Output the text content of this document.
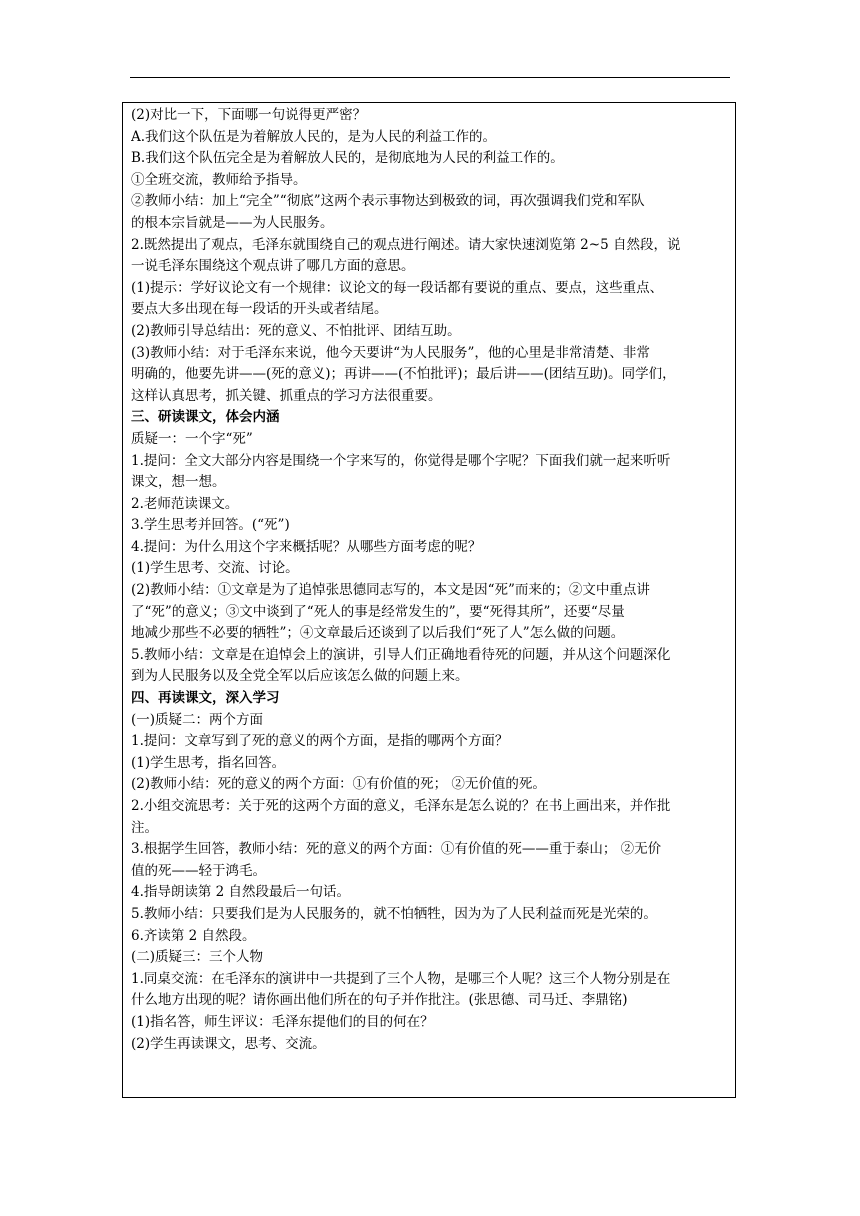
(2)对比一下，下面哪一句说得更严密？
A.我们这个队伍是为着解放人民的，是为人民的利益工作的。
B.我们这个队伍完全是为着解放人民的，是彻底地为人民的利益工作的。
①全班交流，教师给予指导。
②教师小结：加上“完全”“彻底”这两个表示事物达到极致的词，再次强调我们党和军队
的根本宗旨就是——为人民服务。
2.既然提出了观点，毛泽东就围绕自己的观点进行阐述。请大家快速浏览第 2~5 自然段，说
一说毛泽东围绕这个观点讲了哪几方面的意思。
(1)提示：学好议论文有一个规律：议论文的每一段话都有要说的重点、要点，这些重点、
要点大多出现在每一段话的开头或者结尾。
(2)教师引导总结出：死的意义、不怕批评、团结互助。
(3)教师小结：对于毛泽东来说，他今天要讲“为人民服务”，他的心里是非常清楚、非常
明确的，他要先讲——(死的意义)；再讲——(不怕批评)；最后讲——(团结互助)。同学们，
这样认真思考，抓关键、抓重点的学习方法很重要。
三、研读课文，体会内涵
质疑一：一个字“死”
1.提问：全文大部分内容是围绕一个字来写的，你觉得是哪个字呢？下面我们就一起来听听
课文，想一想。
2.老师范读课文。
3.学生思考并回答。(“死”)
4.提问：为什么用这个字来概括呢？从哪些方面考虑的呢？
(1)学生思考、交流、讨论。
(2)教师小结：①文章是为了追悼张思德同志写的，本文是因“死”而来的；②文中重点讲
了“死”的意义；③文中谈到了“死人的事是经常发生的”，要“死得其所”，还要“尽量
地减少那些不必要的牺牲”；④文章最后还谈到了以后我们“死了人”怎么做的问题。
5.教师小结：文章是在追悼会上的演讲，引导人们正确地看待死的问题，并从这个问题深化
到为人民服务以及全党全军以后应该怎么做的问题上来。
四、再读课文，深入学习
(一)质疑二：两个方面
1.提问：文章写到了死的意义的两个方面，是指的哪两个方面？
(1)学生思考，指名回答。
(2)教师小结：死的意义的两个方面：①有价值的死； ②无价值的死。
2.小组交流思考：关于死的这两个方面的意义，毛泽东是怎么说的？在书上画出来，并作批
注。
3.根据学生回答，教师小结：死的意义的两个方面：①有价值的死——重于泰山； ②无价
值的死——轻于鸿毛。
4.指导朗读第 2 自然段最后一句话。
5.教师小结：只要我们是为人民服务的，就不怕牺牲，因为为了人民利益而死是光荣的。
6.齐读第 2 自然段。
(二)质疑三：三个人物
1.同桌交流：在毛泽东的演讲中一共提到了三个人物，是哪三个人呢？这三个人物分别是在
什么地方出现的呢？请你画出他们所在的句子并作批注。(张思德、司马迁、李鼎铭)
(1)指名答，师生评议：毛泽东提他们的目的何在？
(2)学生再读课文，思考、交流。
